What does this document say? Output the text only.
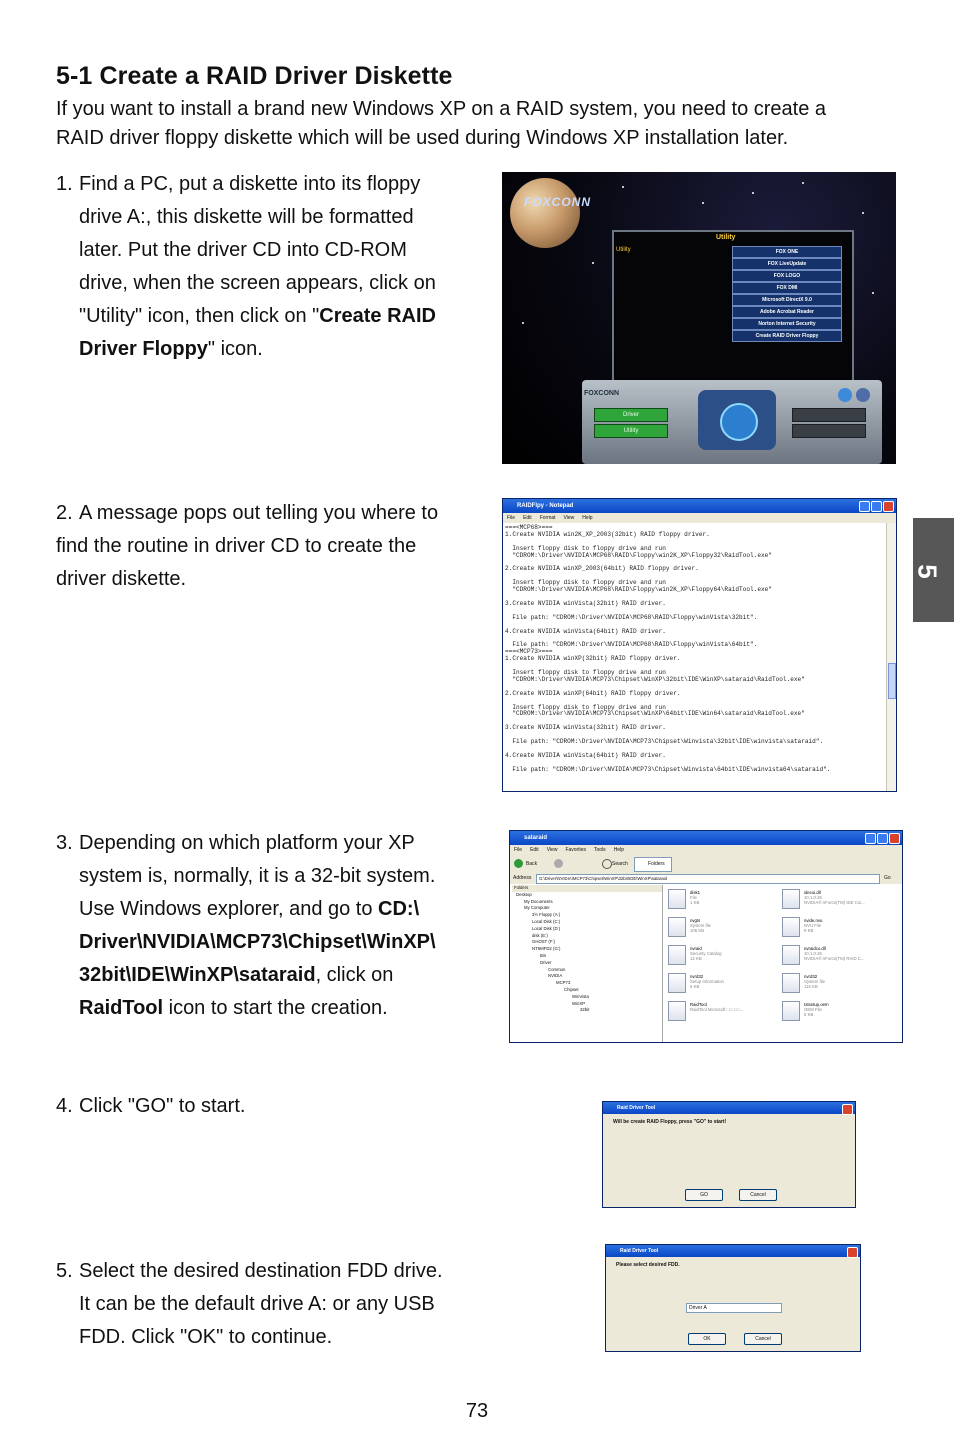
5-1 Create a RAID Driver Diskette
If you want to install a brand new Windows XP on a RAID system, you need to create a
RAID driver floppy diskette which will be used during Windows XP installation later.
1. Find a PC, put a diskette into its floppy
drive A:, this diskette will be formatted
later. Put the driver CD into CD-ROM
drive, when the screen appears, click on
"Utility" icon, then click on "Create RAID
Driver Floppy" icon.
FOXCONN
Utility
Utility	FOX ONE
FOX LiveUpdate
FOX LOGO
FOX DMI
Microsoft DirectX 9.0
Adobe Acrobat Reader
Norton Internet Security
Create RAID Driver Floppy
FOXCONN
Driver
Utility
2. A message pops out telling you where to
find the routine in driver CD to create the
driver diskette.
RAIDFlpy - Notepad
File Edit Format View Help
===<MCP68>===
1.Create NVIDIA win2K_XP_2003(32bit) RAID floppy driver.

Insert floppy disk to floppy drive and run
"CDROM:\Driver\NVIDIA\MCP68\RAID\Floppy\win2K_XP\Floppy32\RaidTool.exe"

2.Create NVIDIA winXP_2003(64bit) RAID floppy driver.

Insert floppy disk to floppy drive and run
"CDROM:\Driver\NVIDIA\MCP68\RAID\Floppy\win2K_XP\Floppy64\RaidTool.exe"

3.Create NVIDIA winVista(32bit) RAID driver.

File path: "CDROM:\Driver\NVIDIA\MCP68\RAID\Floppy\winVista\32bit".

4.Create NVIDIA winVista(64bit) RAID driver.

File path: "CDROM:\Driver\NVIDIA\MCP68\RAID\Floppy\winVista\64bit".
===<MCP73>===
1.Create NVIDIA winXP(32bit) RAID floppy driver.

Insert floppy disk to floppy drive and run
"CDROM:\Driver\NVIDIA\MCP73\Chipset\WinXP\32bit\IDE\WinXP\sataraid\RaidTool.exe"

2.Create NVIDIA winXP(64bit) RAID floppy driver.

Insert floppy disk to floppy drive and run
"CDROM:\Driver\NVIDIA\MCP73\Chipset\WinXP\64bit\IDE\Win64\sataraid\RaidTool.exe"

3.Create NVIDIA winVista(32bit) RAID driver.

File path: "CDROM:\Driver\NVIDIA\MCP73\Chipset\Winvista\32bit\IDE\winvista\sataraid".

4.Create NVIDIA winVista(64bit) RAID driver.

File path: "CDROM:\Driver\NVIDIA\MCP73\Chipset\Winvista\64bit\IDE\winvista64\sataraid".
3. Depending on which platform your XP
system is, normally, it is a 32-bit system.
Use Windows explorer, and go to CD:\
Driver\NVIDIA\MCP73\Chipset\WinXP\
32bit\IDE\WinXP\sataraid, click on
RaidTool icon to start the creation.
sataraid
File Edit View Favorites Tools Help
Back	Search	Folders
Address	G:\Driver\NVIDIA\MCP73\Chipset\WinXP\32bit\IDE\WinXP\sataraid	Go
Folders
Desktop
My Documents
My Computer
3½ Floppy (A:)
Local Disk (C:)
Local Disk (D:)
disk (E:)
GHOST (F:)
NT5MFD2 (G:)
Bin
Driver
Common
NVIDIA
MCP73
Chipset
WinVista
WinXP
32bit
disk1
File
1 KB
idecoi.dll
10.1.0.26
NVIDIA® nForce(TM) IDE Coi...
nvgts
System file
105 KB
nvide.nvu
NVU File
9 KB
nvraid
Security Catalog
12 KB
nvraidco.dll
10.1.0.26
NVIDIA® nForce(TM) RAID C...
nvrd32
Setup Information
6 KB
nvrd32
System file
116 KB
RaidTool
RaidTool Microsoft □□□□□...
txtsetup.oem
OEM File
6 KB
4. Click "GO" to start.	Raid Driver Tool
Will be create RAID Floppy, press "GO" to start!
GO	Cancel
5. Select the desired destination FDD drive.
It can be the default drive A: or any USB
FDD. Click "OK" to continue.
Raid Driver Tool
Please select desired FDD.
Driver A
OK	Cancel
5
73
